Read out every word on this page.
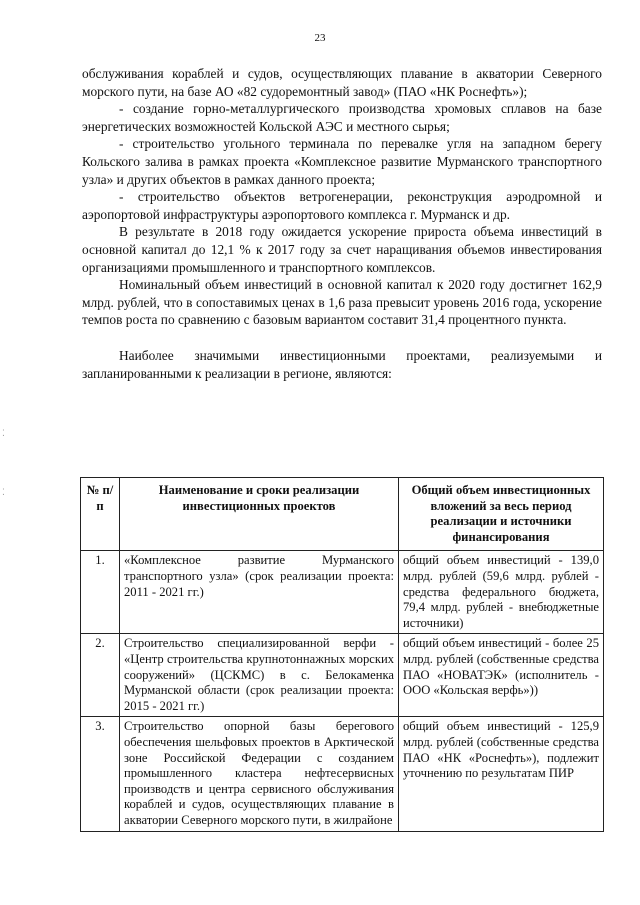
23

обслуживания кораблей и судов, осуществляющих плавание в акватории Северного морского пути, на базе АО «82 судоремонтный завод» (ПАО «НК Роснефть»);

- создание горно-металлургического производства хромовых сплавов на базе энергетических возможностей Кольской АЭС и местного сырья;

- строительство угольного терминала по перевалке угля на западном берегу Кольского залива в рамках проекта «Комплексное развитие Мурманского транспортного узла» и других объектов в рамках данного проекта;

- строительство объектов ветрогенерации, реконструкция аэродромной и аэропортовой инфраструктуры аэропортового комплекса г. Мурманск и др.

В результате в 2018 году ожидается ускорение прироста объема инвестиций в основной капитал до 12,1 % к 2017 году за счет наращивания объемов инвестирования организациями промышленного и транспортного комплексов.

Номинальный объем инвестиций в основной капитал к 2020 году достигнет 162,9 млрд. рублей, что в сопоставимых ценах в 1,6 раза превысит уровень 2016 года, ускорение темпов роста по сравнению с базовым вариантом составит 31,4 процентного пункта.

Наиболее значимыми инвестиционными проектами, реализуемыми и запланированными к реализации в регионе, являются:

№ п/п	Наименование и сроки реализации инвестиционных проектов	Общий объем инвестиционных вложений за весь период реализации и источники финансирования
1.	«Комплексное развитие Мурманского транспортного узла» (срок реализации проекта: 2011 - 2021 гг.)	общий объем инвестиций - 139,0 млрд. рублей (59,6 млрд. рублей - средства федерального бюджета, 79,4 млрд. рублей - внебюджетные источники)
2.	Строительство специализированной верфи - «Центр строительства крупнотоннажных морских сооружений» (ЦСКМС) в с. Белокаменка Мурманской области (срок реализации проекта: 2015 - 2021 гг.)	общий объем инвестиций - более 25 млрд. рублей (собственные средства ПАО «НОВАТЭК» (исполнитель - ООО «Кольская верфь»))
3.	Строительство опорной базы берегового обеспечения шельфовых проектов в Арктической зоне Российской Федерации с созданием промышленного кластера нефтесервисных производств и центра сервисного обслуживания кораблей и судов, осуществляющих плавание в акватории Северного морского пути, в жилрайоне	общий объем инвестиций - 125,9 млрд. рублей (собственные средства ПАО «НК «Роснефть»), подлежит уточнению по результатам ПИР
⁚
⁚
